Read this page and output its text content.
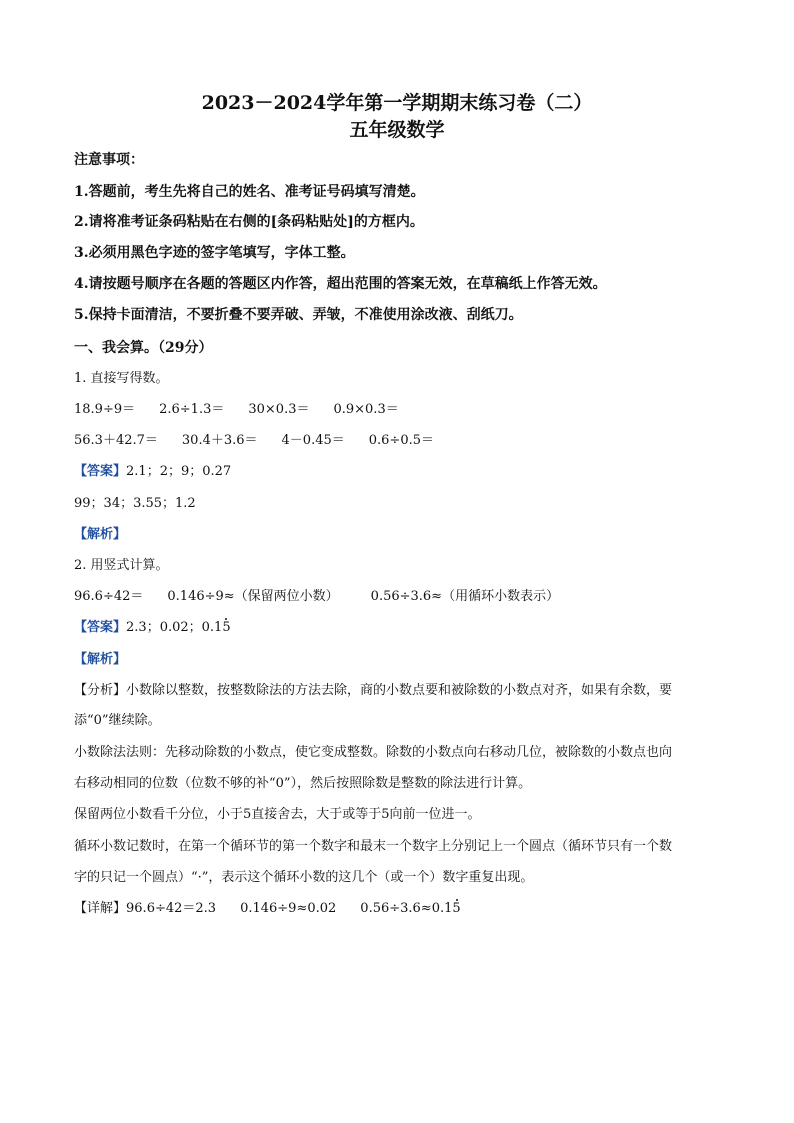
2023－2024学年第一学期期末练习卷（二）
五年级数学
注意事项：
1.答题前，考生先将自己的姓名、准考证号码填写清楚。
2.请将准考证条码粘贴在右侧的[条码粘贴处]的方框内。
3.必须用黑色字迹的签字笔填写，字体工整。
4.请按题号顺序在各题的答题区内作答，超出范围的答案无效，在草稿纸上作答无效。
5.保持卡面清洁，不要折叠不要弄破、弄皱，不准使用涂改液、刮纸刀。
一、我会算。（29分）
1. 直接写得数。
18.9÷9＝ 2.6÷1.3＝ 30×0.3＝ 0.9×0.3＝
56.3＋42.7＝ 30.4＋3.6＝ 4－0.45＝ 0.6÷0.5＝
【答案】2.1；2；9；0.27
99；34；3.55；1.2
【解析】
2. 用竖式计算。
96.6÷42＝ 0.146÷9≈（保留两位小数） 0.56÷3.6≈（用循环小数表示）
【答案】2.3；0.02；0.15
【解析】
【分析】小数除以整数，按整数除法的方法去除，商的小数点要和被除数的小数点对齐，如果有余数，要
添“0”继续除。
小数除法法则：先移动除数的小数点，使它变成整数。除数的小数点向右移动几位，被除数的小数点也向
右移动相同的位数（位数不够的补“0”），然后按照除数是整数的除法进行计算。
保留两位小数看千分位，小于5直接舍去，大于或等于5向前一位进一。
循环小数记数时，在第一个循环节的第一个数字和最末一个数字上分别记上一个圆点（循环节只有一个数
字的只记一个圆点）“·”，表示这个循环小数的这几个（或一个）数字重复出现。
【详解】96.6÷42＝2.3 0.146÷9≈0.02 0.56÷3.6≈0.15
